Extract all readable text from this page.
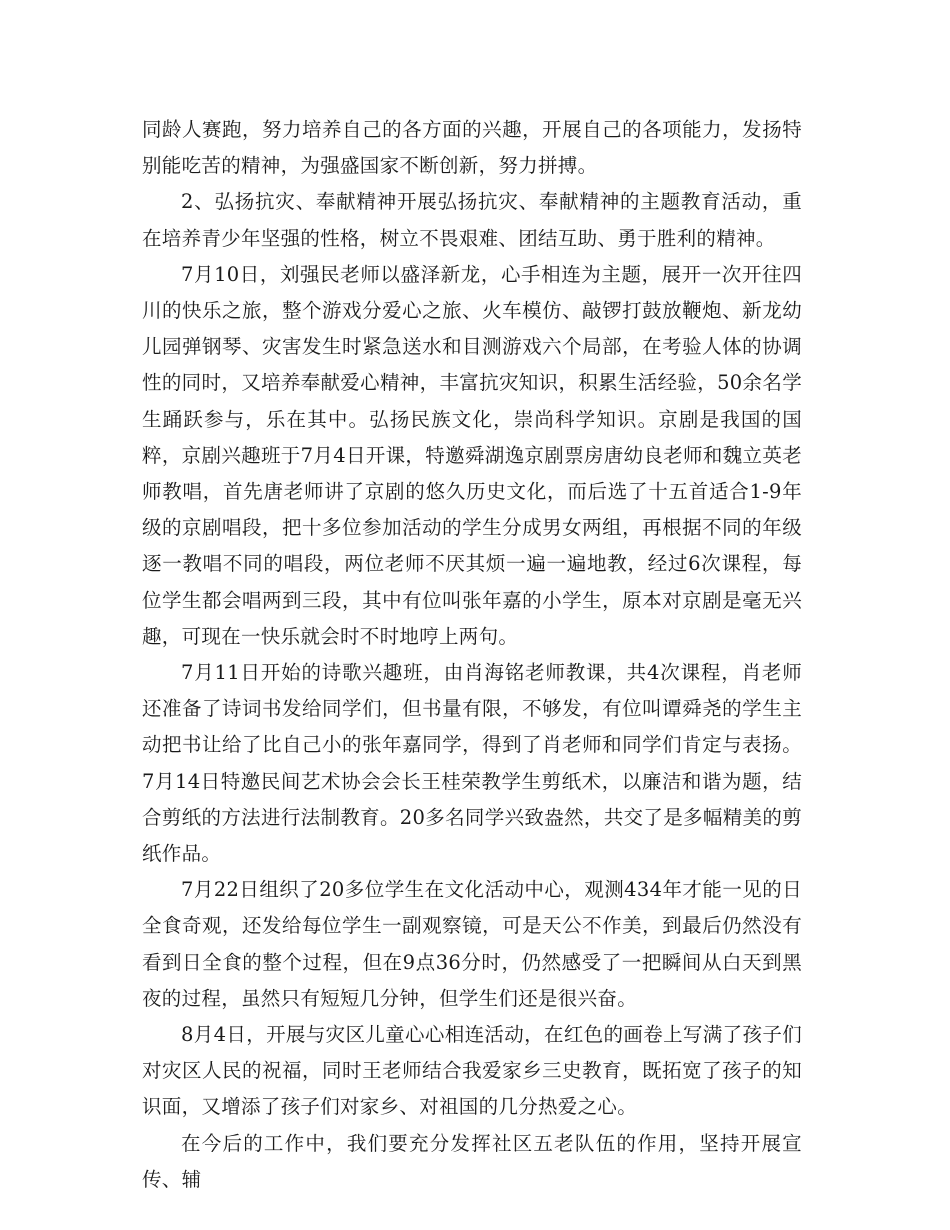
同龄人赛跑，努力培养自己的各方面的兴趣，开展自己的各项能力，发扬特别能吃苦的精神，为强盛国家不断创新，努力拼搏。

2、弘扬抗灾、奉献精神开展弘扬抗灾、奉献精神的主题教育活动，重在培养青少年坚强的性格，树立不畏艰难、团结互助、勇于胜利的精神。

7月10日，刘强民老师以盛泽新龙，心手相连为主题，展开一次开往四川的快乐之旅，整个游戏分爱心之旅、火车模仿、敲锣打鼓放鞭炮、新龙幼儿园弹钢琴、灾害发生时紧急送水和目测游戏六个局部，在考验人体的协调性的同时，又培养奉献爱心精神，丰富抗灾知识，积累生活经验，50余名学生踊跃参与，乐在其中。弘扬民族文化，崇尚科学知识。京剧是我国的国粹，京剧兴趣班于7月4日开课，特邀舜湖逸京剧票房唐幼良老师和魏立英老师教唱，首先唐老师讲了京剧的悠久历史文化，而后选了十五首适合1-9年级的京剧唱段，把十多位参加活动的学生分成男女两组，再根据不同的年级逐一教唱不同的唱段，两位老师不厌其烦一遍一遍地教，经过6次课程，每位学生都会唱两到三段，其中有位叫张年嘉的小学生，原本对京剧是毫无兴趣，可现在一快乐就会时不时地哼上两句。

7月11日开始的诗歌兴趣班，由肖海铭老师教课，共4次课程，肖老师还准备了诗词书发给同学们，但书量有限，不够发，有位叫谭舜尧的学生主动把书让给了比自己小的张年嘉同学，得到了肖老师和同学们肯定与表扬。7月14日特邀民间艺术协会会长王桂荣教学生剪纸术，以廉洁和谐为题，结合剪纸的方法进行法制教育。20多名同学兴致盎然，共交了是多幅精美的剪纸作品。

7月22日组织了20多位学生在文化活动中心，观测434年才能一见的日全食奇观，还发给每位学生一副观察镜，可是天公不作美，到最后仍然没有看到日全食的整个过程，但在9点36分时，仍然感受了一把瞬间从白天到黑夜的过程，虽然只有短短几分钟，但学生们还是很兴奋。

8月4日，开展与灾区儿童心心相连活动，在红色的画卷上写满了孩子们对灾区人民的祝福，同时王老师结合我爱家乡三史教育，既拓宽了孩子的知识面，又增添了孩子们对家乡、对祖国的几分热爱之心。

在今后的工作中，我们要充分发挥社区五老队伍的作用，坚持开展宣传、辅
